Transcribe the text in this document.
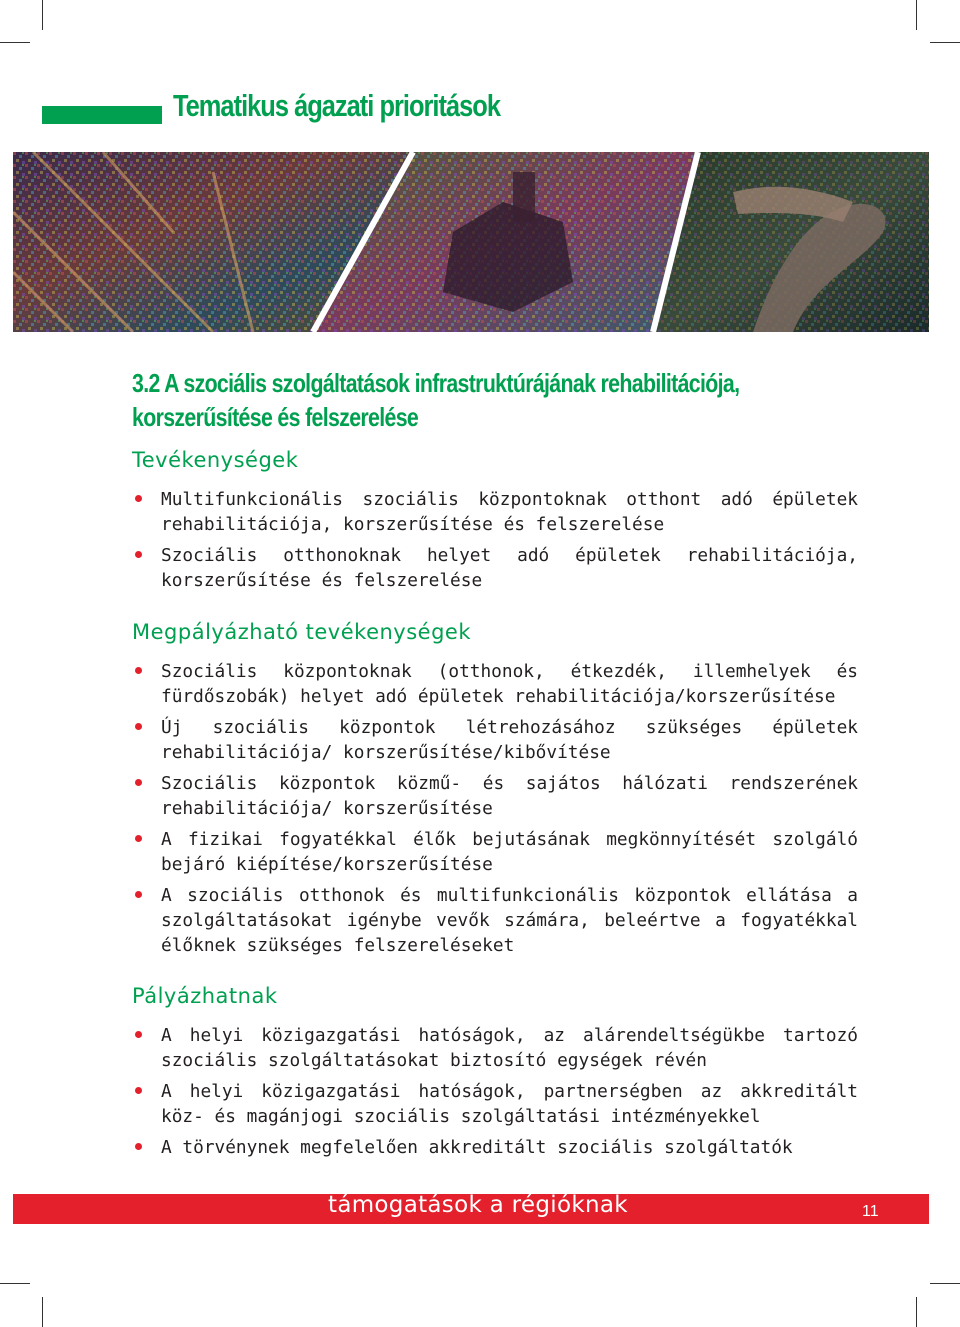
Tematikus ágazati prioritások
3.2 A szociális szolgáltatások infrastruktúrájának rehabilitációja, korszerűsítése és felszerelése
Tevékenységek
Multifunkcionális szociális központoknak otthont adó épületek rehabilitációja, korszerűsítése és felszerelése
Szociális otthonoknak helyet adó épületek rehabilitációja, korszerűsítése és felszerelése
Megpályázható tevékenységek
Szociális központoknak (otthonok, étkezdék, illemhelyek és fürdőszobák) helyet adó épületek rehabilitációja/korszerűsítése
Új szociális központok létrehozásához szükséges épületek rehabilitációja/ korszerűsítése/kibővítése
Szociális központok közmű- és sajátos hálózati rendszerének rehabilitációja/ korszerűsítése
A fizikai fogyatékkal élők bejutásának megkönnyítését szolgáló bejáró kiépítése/korszerűsítése
A szociális otthonok és multifunkcionális központok ellátása a szolgáltatásokat igénybe vevők számára, beleértve a fogyatékkal élőknek szükséges felszereléseket
Pályázhatnak
A helyi közigazgatási hatóságok, az alárendeltségükbe tartozó szociális szolgáltatásokat biztosító egységek révén
A helyi közigazgatási hatóságok, partnerségben az akkreditált köz- és magánjogi szociális szolgáltatási intézményekkel
A törvénynek megfelelően akkreditált szociális szolgáltatók
támogatások a régióknak	11
